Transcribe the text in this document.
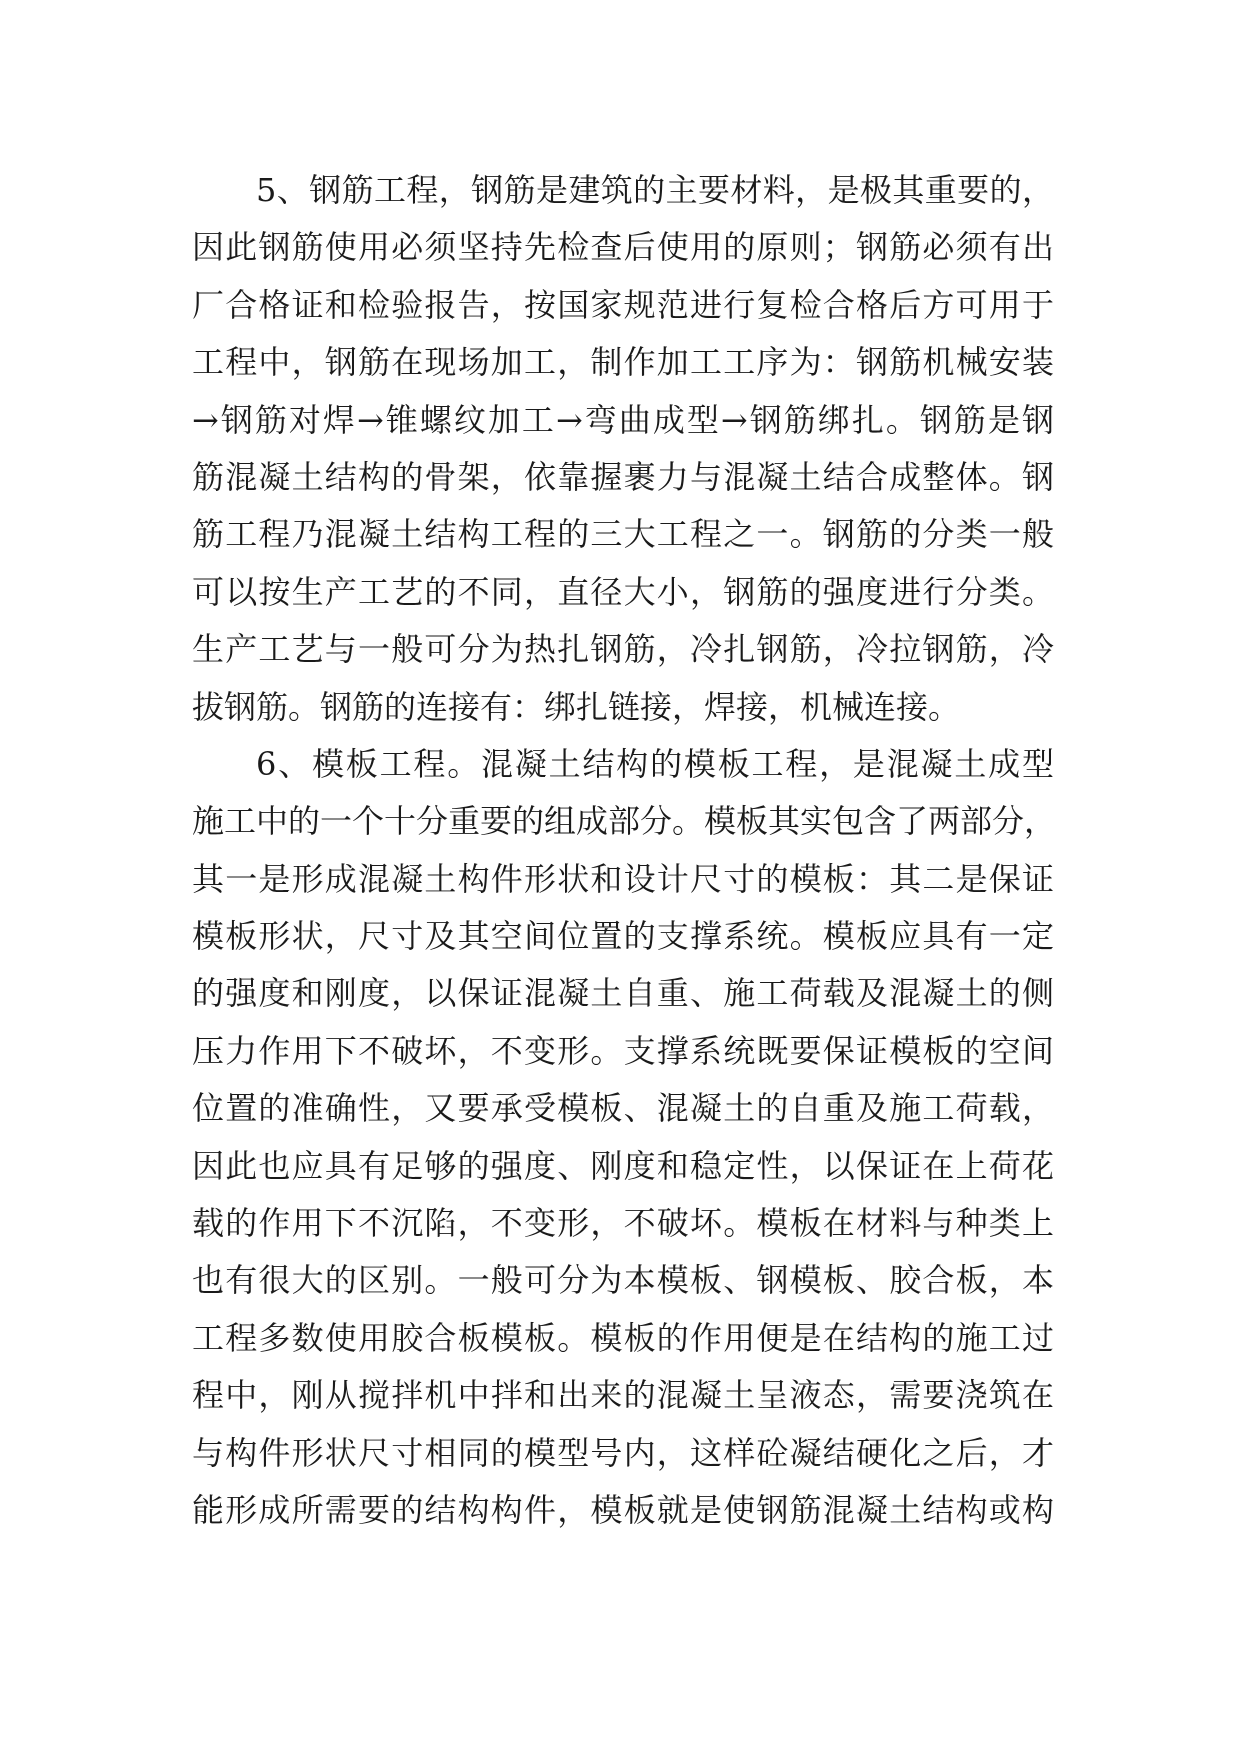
5、钢筋工程，钢筋是建筑的主要材料，是极其重要的，
因此钢筋使用必须坚持先检查后使用的原则；钢筋必须有出
厂合格证和检验报告，按国家规范进行复检合格后方可用于
工程中，钢筋在现场加工，制作加工工序为：钢筋机械安装
→钢筋对焊→锥螺纹加工→弯曲成型→钢筋绑扎。钢筋是钢
筋混凝土结构的骨架，依靠握裹力与混凝土结合成整体。钢
筋工程乃混凝土结构工程的三大工程之一。钢筋的分类一般
可以按生产工艺的不同，直径大小，钢筋的强度进行分类。
生产工艺与一般可分为热扎钢筋，冷扎钢筋，冷拉钢筋，冷
拔钢筋。钢筋的连接有：绑扎链接，焊接，机械连接。
6、模板工程。混凝土结构的模板工程，是混凝土成型
施工中的一个十分重要的组成部分。模板其实包含了两部分，
其一是形成混凝土构件形状和设计尺寸的模板：其二是保证
模板形状，尺寸及其空间位置的支撑系统。模板应具有一定
的强度和刚度，以保证混凝土自重、施工荷载及混凝土的侧
压力作用下不破坏，不变形。支撑系统既要保证模板的空间
位置的准确性，又要承受模板、混凝土的自重及施工荷载，
因此也应具有足够的强度、刚度和稳定性，以保证在上荷花
载的作用下不沉陷，不变形，不破坏。模板在材料与种类上
也有很大的区别。一般可分为本模板、钢模板、胶合板，本
工程多数使用胶合板模板。模板的作用便是在结构的施工过
程中，刚从搅拌机中拌和出来的混凝土呈液态，需要浇筑在
与构件形状尺寸相同的模型号内，这样砼凝结硬化之后，才
能形成所需要的结构构件，模板就是使钢筋混凝土结构或构
